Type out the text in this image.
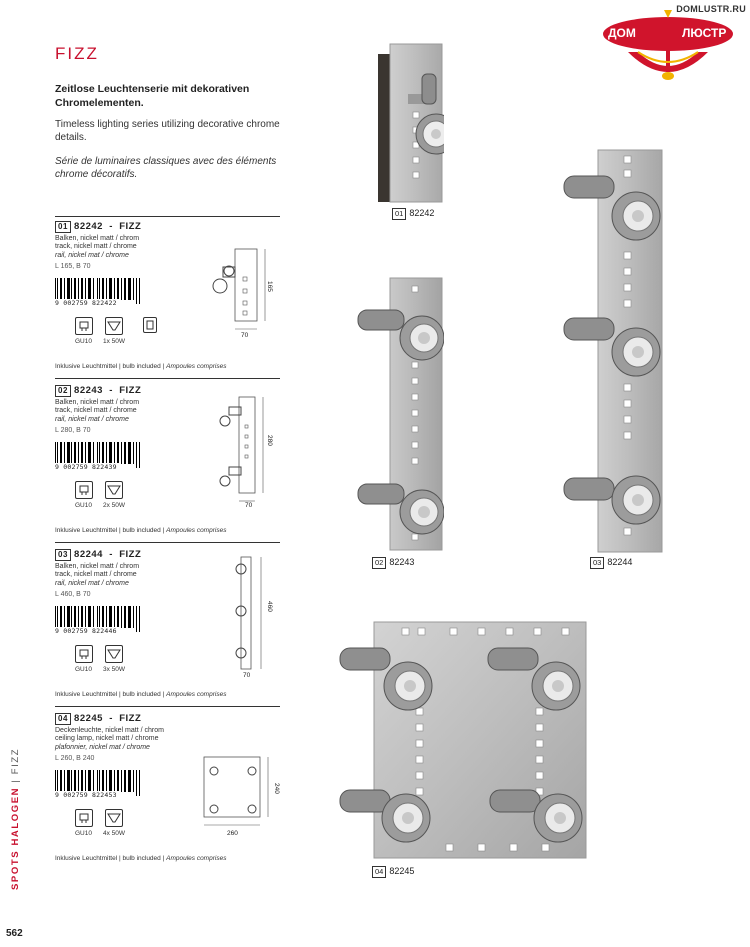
DOMLUSTR.RU
ДОМ	ЛЮСТР
FIZZ
Zeitlose Leuchtenserie mit dekorativen Chromelementen.
Timeless lighting series utilizing decorative chrome details.
Série de luminaires classiques avec des éléments chrome décoratifs.
01 82242  -  FIZZ
Balken, nickel matt / chrom
track, nickel matt / chrome
rail, nickel mat / chrome
L 165, B 70
9 002759 822422
GU10 1x 50W
Inklusive Leuchtmittel | bulb included | Ampoules comprises
165
70
02 82243  -  FIZZ
Balken, nickel matt / chrom
track, nickel matt / chrome
rail, nickel mat / chrome
L 280, B 70
9 002759 822439
GU10 2x 50W
Inklusive Leuchtmittel | bulb included | Ampoules comprises
280
70
03 82244  -  FIZZ
Balken, nickel matt / chrom
track, nickel matt / chrome
rail, nickel mat / chrome
L 460, B 70
9 002759 822446
GU10 3x 50W
Inklusive Leuchtmittel | bulb included | Ampoules comprises
460
70
04 82245  -  FIZZ
Deckenleuchte, nickel matt / chrom
ceiling lamp, nickel matt / chrome
plafonnier, nickel mat / chrome
L 260, B 240
9 002759 822453
GU10 4x 50W
Inklusive Leuchtmittel | bulb included | Ampoules comprises
240
260
01 82242
02 82243	03 82244
04 82245
SPOTS HALOGEN | FIZZ
562
